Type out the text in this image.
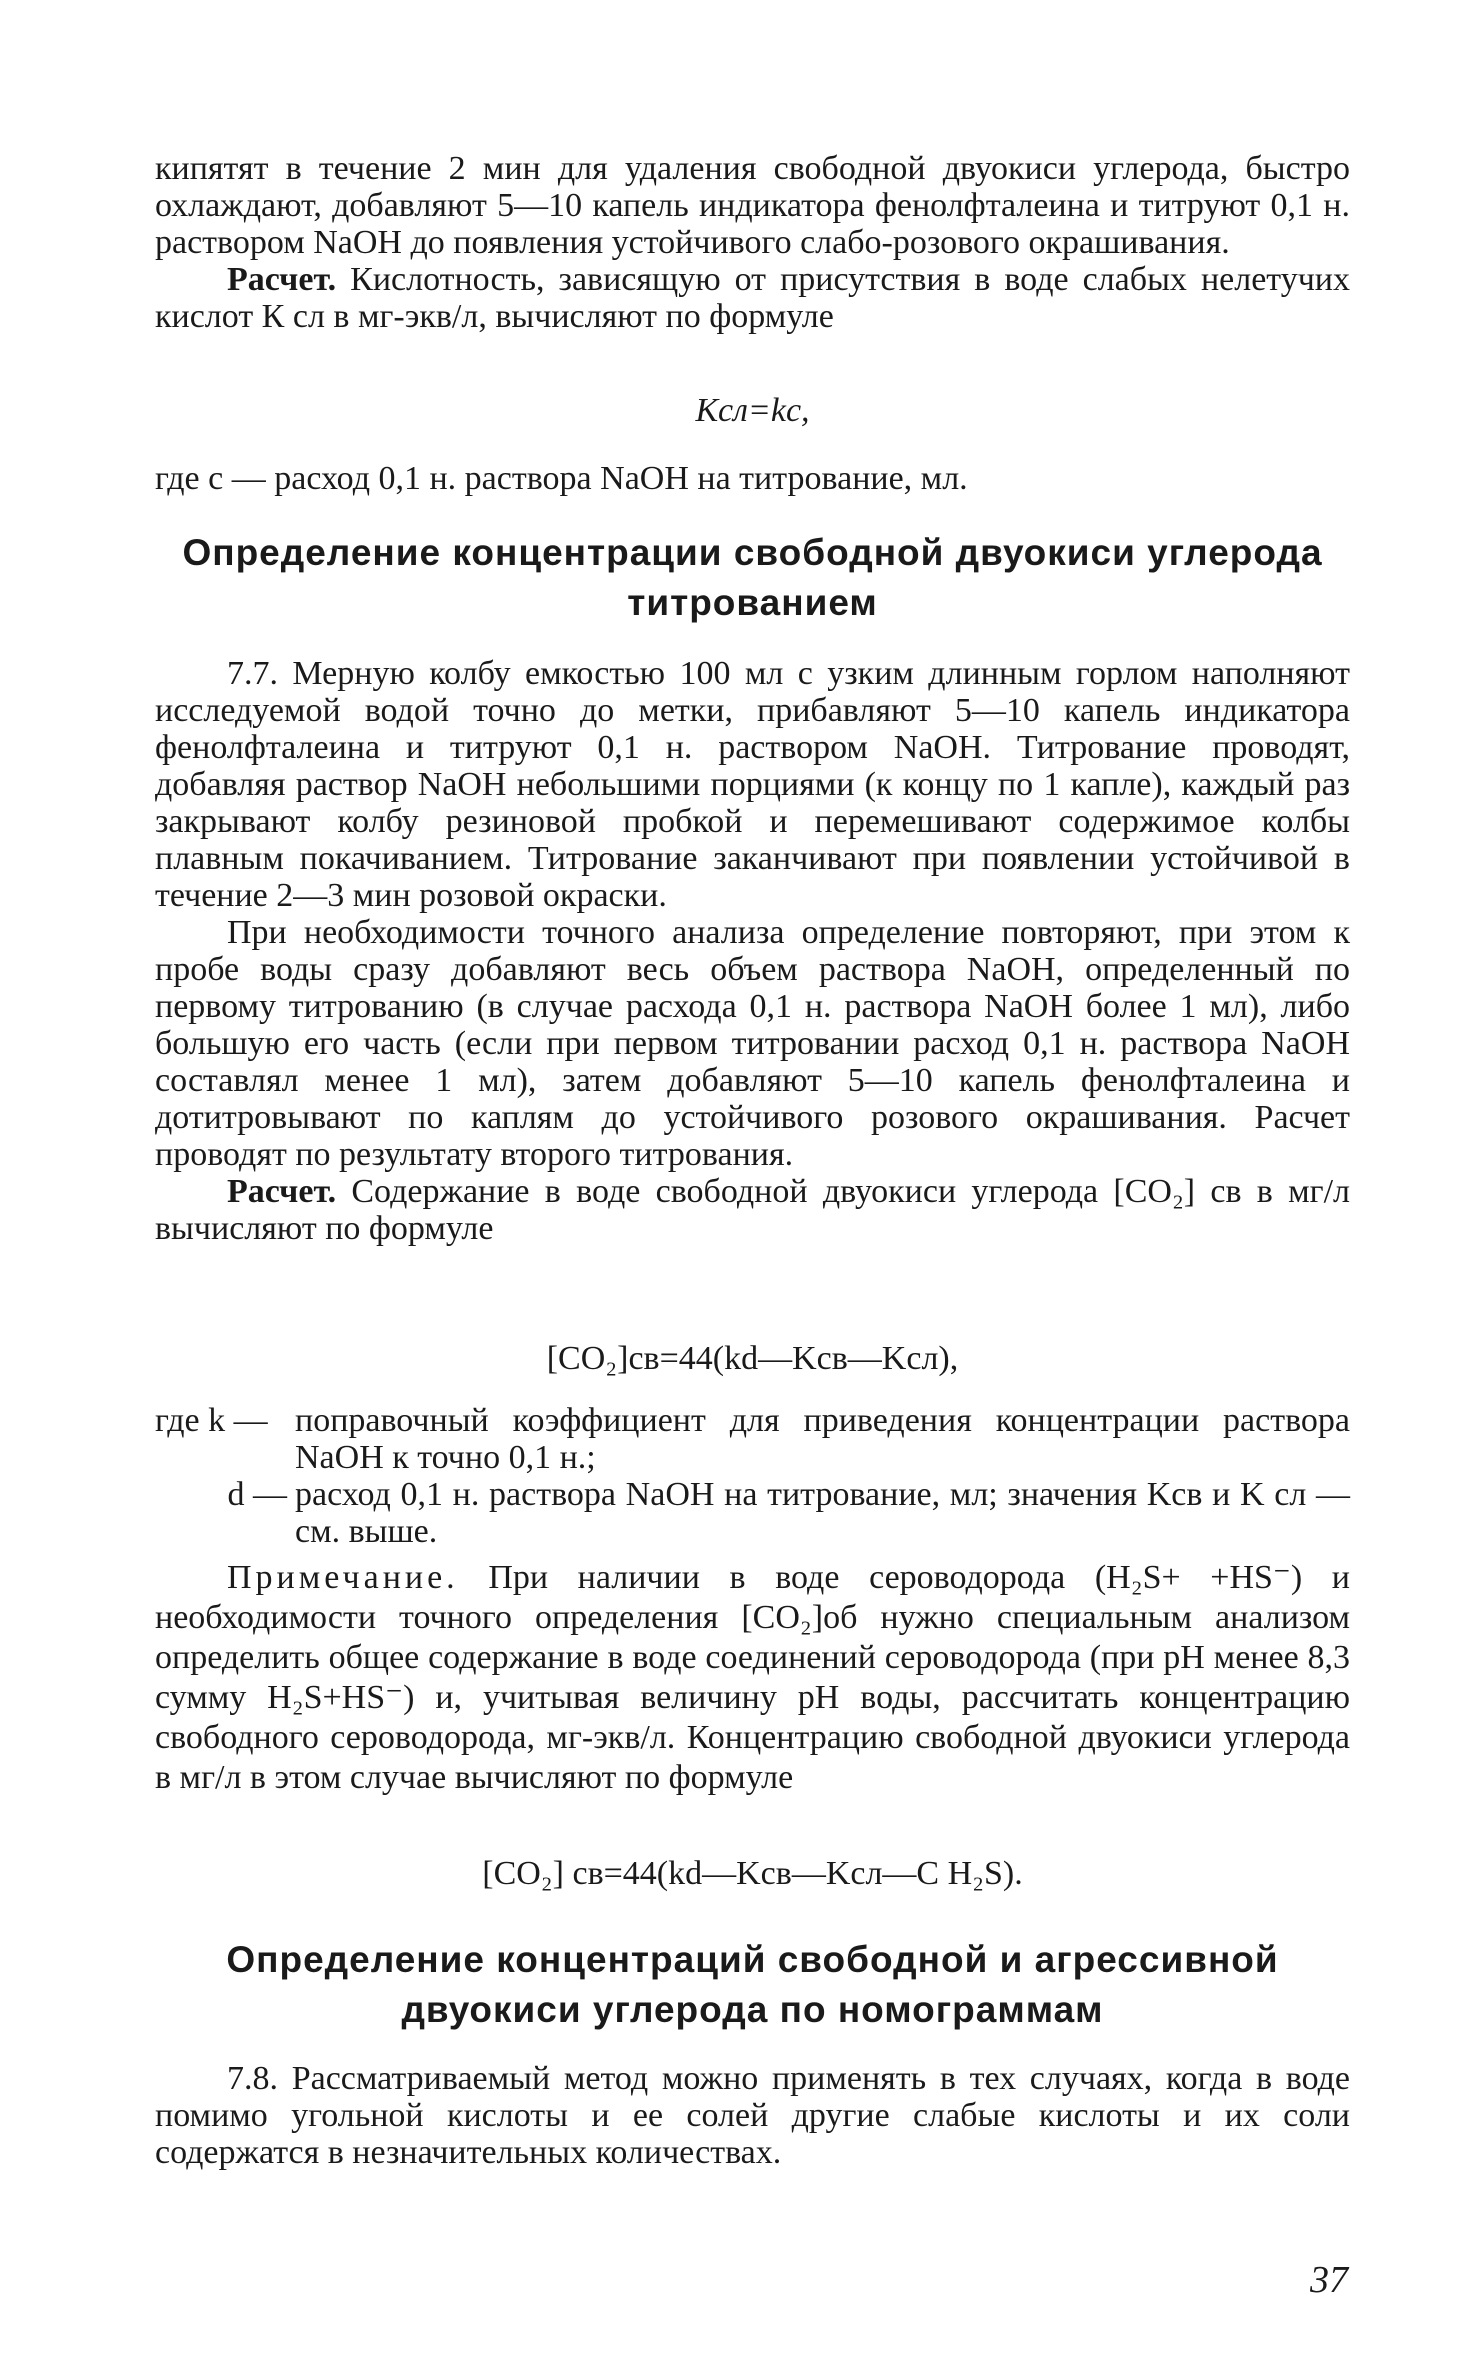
кипятят в течение 2 мин для удаления свободной двуокиси углерода, быстро охлаждают, добавляют 5—10 капель индикатора фенолфталеина и титруют 0,1 н. раствором NaOH до появления устойчивого слабо-розового окрашивания.

Расчет. Кислотность, зависящую от присутствия в воде слабых нелетучих кислот К сл в мг-экв/л, вычисляют по формуле

Кcл=kc,

где c — расход 0,1 н. раствора NaOH на титрование, мл.

Определение концентрации свободной двуокиси углерода титрованием

7.7. Мерную колбу емкостью 100 мл с узким длинным горлом наполняют исследуемой водой точно до метки, прибавляют 5—10 капель индикатора фенолфталеина и титруют 0,1 н. раствором NaOH. Титрование проводят, добавляя раствор NaOH небольшими порциями (к концу по 1 капле), каждый раз закрывают колбу резиновой пробкой и перемешивают содержимое колбы плавным покачиванием. Титрование заканчивают при появлении устойчивой в течение 2—3 мин розовой окраски.

При необходимости точного анализа определение повторяют, при этом к пробе воды сразу добавляют весь объем раствора NaOH, определенный по первому титрованию (в случае расхода 0,1 н. раствора NaOH более 1 мл), либо большую его часть (если при первом титровании расход 0,1 н. раствора NaOH составлял менее 1 мл), затем добавляют 5—10 капель фенолфталеина и дотитровывают по каплям до устойчивого розового окрашивания. Расчет проводят по результату второго титрования.

Расчет. Содержание в воде свободной двуокиси углерода [CO₂] св в мг/л вычисляют по формуле

[CO₂]св=44(kd—Kсв—Kсл),

где k — поправочный коэффициент для приведения концентрации раствора NaOH к точно 0,1 н.;
d — расход 0,1 н. раствора NaOH на титрование, мл; значения Kсв и K сл — см. выше.

Примечание. При наличии в воде сероводорода (H₂S+ +HS⁻) и необходимости точного определения [CO₂]об нужно специальным анализом определить общее содержание в воде соединений сероводорода (при pH менее 8,3 сумму H₂S+HS⁻) и, учитывая величину pH воды, рассчитать концентрацию свободного сероводорода, мг-экв/л. Концентрацию свободной двуокиси углерода в мг/л в этом случае вычисляют по формуле

[CO₂] св=44(kd—Kсв—Kсл—C H₂S).

Определение концентраций свободной и агрессивной двуокиси углерода по номограммам

7.8. Рассматриваемый метод можно применять в тех случаях, когда в воде помимо угольной кислоты и ее солей другие слабые кислоты и их соли содержатся в незначительных количествах.

37
